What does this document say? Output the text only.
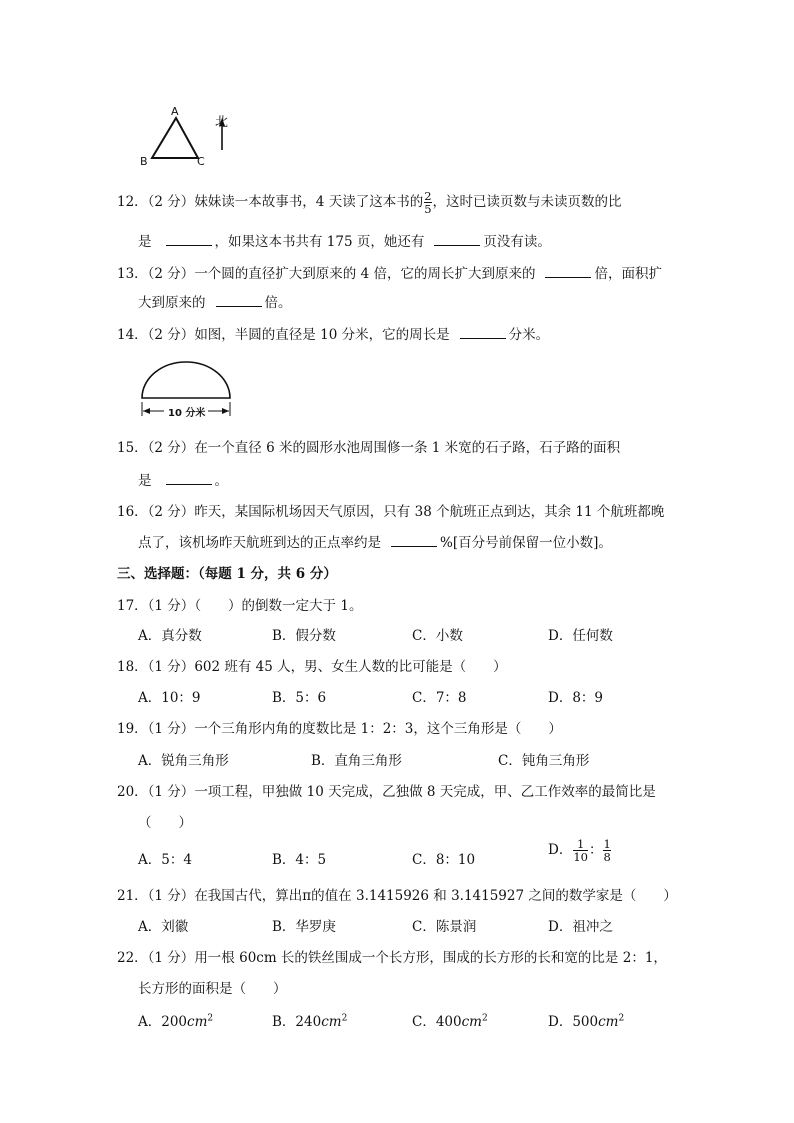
A
B	C
北
12．（2 分）妹妹读一本故事书，4 天读了这本书的 $\frac{2}{5}$ ，这时已读页数与未读页数的比
是	，如果这本书共有 175 页，她还有	页没有读。
13．（2 分）一个圆的直径扩大到原来的 4 倍，它的周长扩大到原来的	倍，面积扩
大到原来的	倍。
14．（2 分）如图，半圆的直径是 10 分米，它的周长是	分米。
10 分米
15．（2 分）在一个直径 6 米的圆形水池周围修一条 1 米宽的石子路，石子路的面积
是	。
16．（2 分）昨天，某国际机场因天气原因，只有 38 个航班正点到达，其余 11 个航班都晚
点了，该机场昨天航班到达的正点率约是	%[百分号前保留一位小数]。
三、选择题：（每题 1 分，共 6 分）
17．（1 分）（　　）的倒数一定大于 1。
A．真分数	B．假分数	C．小数	D．任何数
18．（1 分）602 班有 45 人，男、女生人数的比可能是（　　）
A．10：9	B．5：6	C．7：8	D．8：9
19．（1 分）一个三角形内角的度数比是 1：2：3，这个三角形是（　　）
A．锐角三角形	B．直角三角形	C．钝角三角形
20．（1 分）一项工程，甲独做 10 天完成，乙独做 8 天完成，甲、乙工作效率的最简比是
（　　）
A．5：4	B．4：5	C．8：10
D． $\frac{1}{10}$ ： $\frac{1}{8}$
21．（1 分）在我国古代，算出π的值在 3.1415926 和 3.1415927 之间的数学家是（　　）
A．刘徽	B．华罗庚	C．陈景润	D．祖冲之
22．（1 分）用一根 60cm 长的铁丝围成一个长方形，围成的长方形的长和宽的比是 2：1，
长方形的面积是（　　）
A．$200cm^2$	B．$240cm^2$	C．$400cm^2$	D．$500cm^2$
